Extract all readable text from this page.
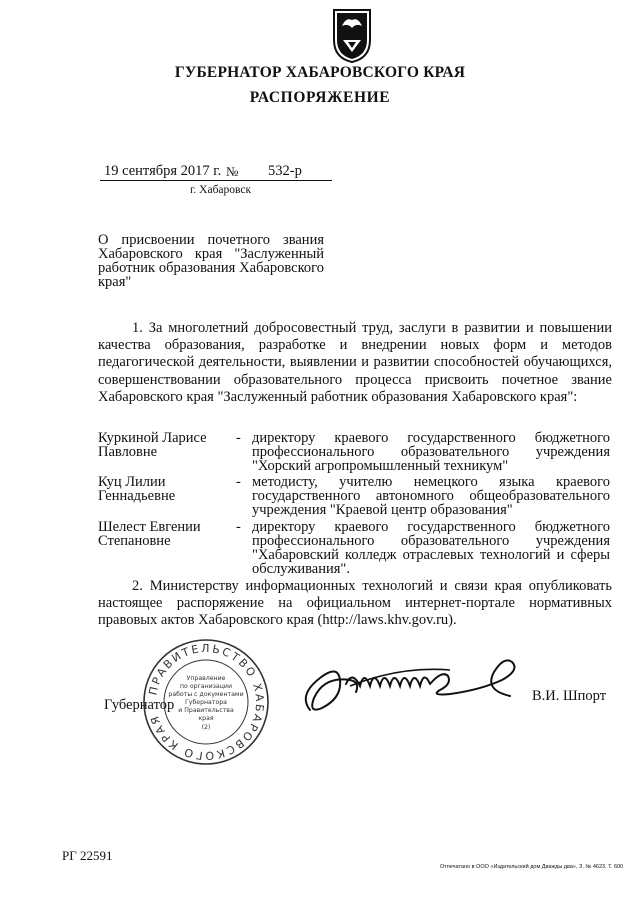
ГУБЕРНАТОР ХАБАРОВСКОГО КРАЯ
РАСПОРЯЖЕНИЕ
19 сентября 2017 г. № 532-р
г. Хабаровск
О присвоении почетного звания Хабаровского края "Заслуженный работник образования Хабаровского края"
1. За многолетний добросовестный труд, заслуги в развитии и повышении качества образования, разработке и внедрении новых форм и методов педагогической деятельности, выявлении и развитии способностей обучающихся, совершенствовании образовательного процесса присвоить почетное звание Хабаровского края "Заслуженный работник образования Хабаровского края":
Куркиной Ларисе Павловне
- директору краевого государственного бюджетного профессионального образовательного учреждения "Хорский агропромышленный техникум"
Куц Лилии Геннадьевне
- методисту, учителю немецкого языка краевого государственного автономного общеобразовательного учреждения "Краевой центр образования"
Шелест Евгении Степановне
- директору краевого государственного бюджетного профессионального образовательного учреждения "Хабаровский колледж отраслевых технологий и сферы обслуживания".
2. Министерству информационных технологий и связи края опубликовать настоящее распоряжение на официальном интернет-портале нормативных правовых актов Хабаровского края (http://laws.khv.gov.ru).
ПРАВИТЕЛЬСТВО ХАБАРОВСКОГО КРАЯ
Управление
по организации
работы с документами
Губернатора
и Правительства
края
(2)
Губернатор
В.И. Шпорт
РГ 22591
Отпечатано в ООО «Издательский дом Дважды два», З. № 4623. Т. 600
